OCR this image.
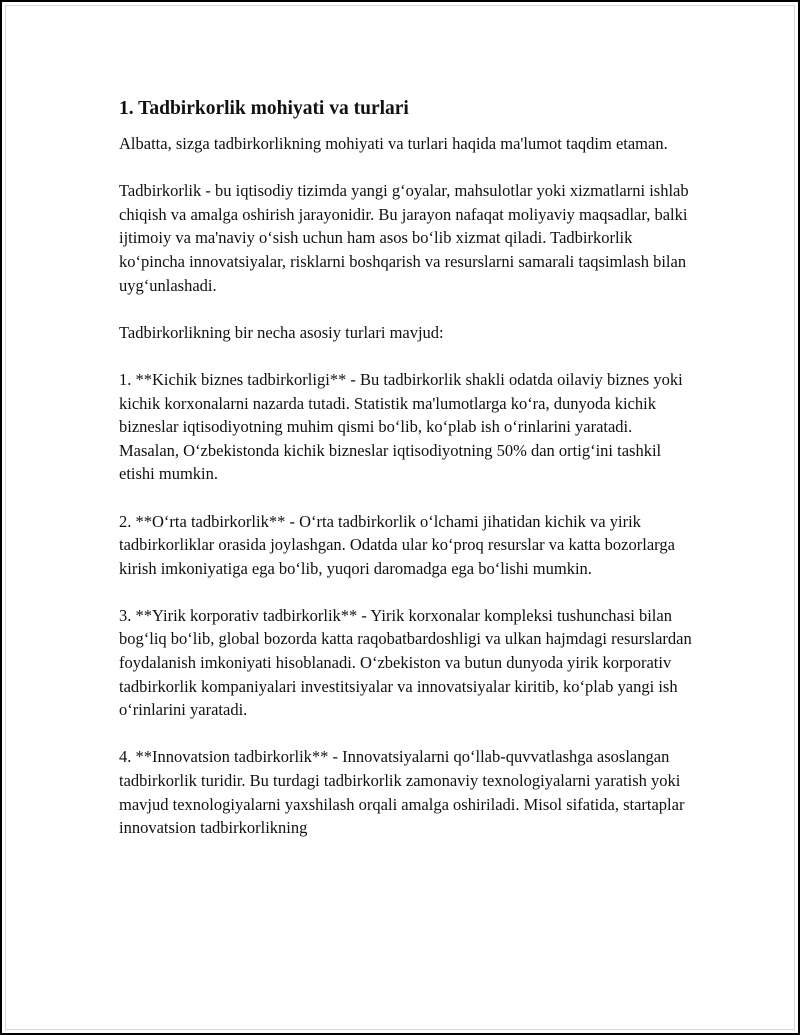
1. Tadbirkorlik mohiyati va turlari

Albatta, sizga tadbirkorlikning mohiyati va turlari haqida ma'lumot taqdim etaman.

Tadbirkorlik - bu iqtisodiy tizimda yangi g‘oyalar, mahsulotlar yoki xizmatlarni ishlab chiqish va amalga oshirish jarayonidir. Bu jarayon nafaqat moliyaviy maqsadlar, balki ijtimoiy va ma'naviy o‘sish uchun ham asos bo‘lib xizmat qiladi. Tadbirkorlik ko‘pincha innovatsiyalar, risklarni boshqarish va resurslarni samarali taqsimlash bilan uyg‘unlashadi.

Tadbirkorlikning bir necha asosiy turlari mavjud:

1. **Kichik biznes tadbirkorligi** - Bu tadbirkorlik shakli odatda oilaviy biznes yoki kichik korxonalarni nazarda tutadi. Statistik ma'lumotlarga ko‘ra, dunyoda kichik bizneslar iqtisodiyotning muhim qismi bo‘lib, ko‘plab ish o‘rinlarini yaratadi. Masalan, O‘zbekistonda kichik bizneslar iqtisodiyotning 50% dan ortig‘ini tashkil etishi mumkin.

2. **O‘rta tadbirkorlik** - O‘rta tadbirkorlik o‘lchami jihatidan kichik va yirik tadbirkorliklar orasida joylashgan. Odatda ular ko‘proq resurslar va katta bozorlarga kirish imkoniyatiga ega bo‘lib, yuqori daromadga ega bo‘lishi mumkin.

3. **Yirik korporativ tadbirkorlik** - Yirik korxonalar kompleksi tushunchasi bilan bog‘liq bo‘lib, global bozorda katta raqobatbardoshligi va ulkan hajmdagi resurslardan foydalanish imkoniyati hisoblanadi. O‘zbekiston va butun dunyoda yirik korporativ tadbirkorlik kompaniyalari investitsiyalar va innovatsiyalar kiritib, ko‘plab yangi ish o‘rinlarini yaratadi.

4. **Innovatsion tadbirkorlik** - Innovatsiyalarni qo‘llab-quvvatlashga asoslangan tadbirkorlik turidir. Bu turdagi tadbirkorlik zamonaviy texnologiyalarni yaratish yoki mavjud texnologiyalarni yaxshilash orqali amalga oshiriladi. Misol sifatida, startaplar innovatsion tadbirkorlikning
